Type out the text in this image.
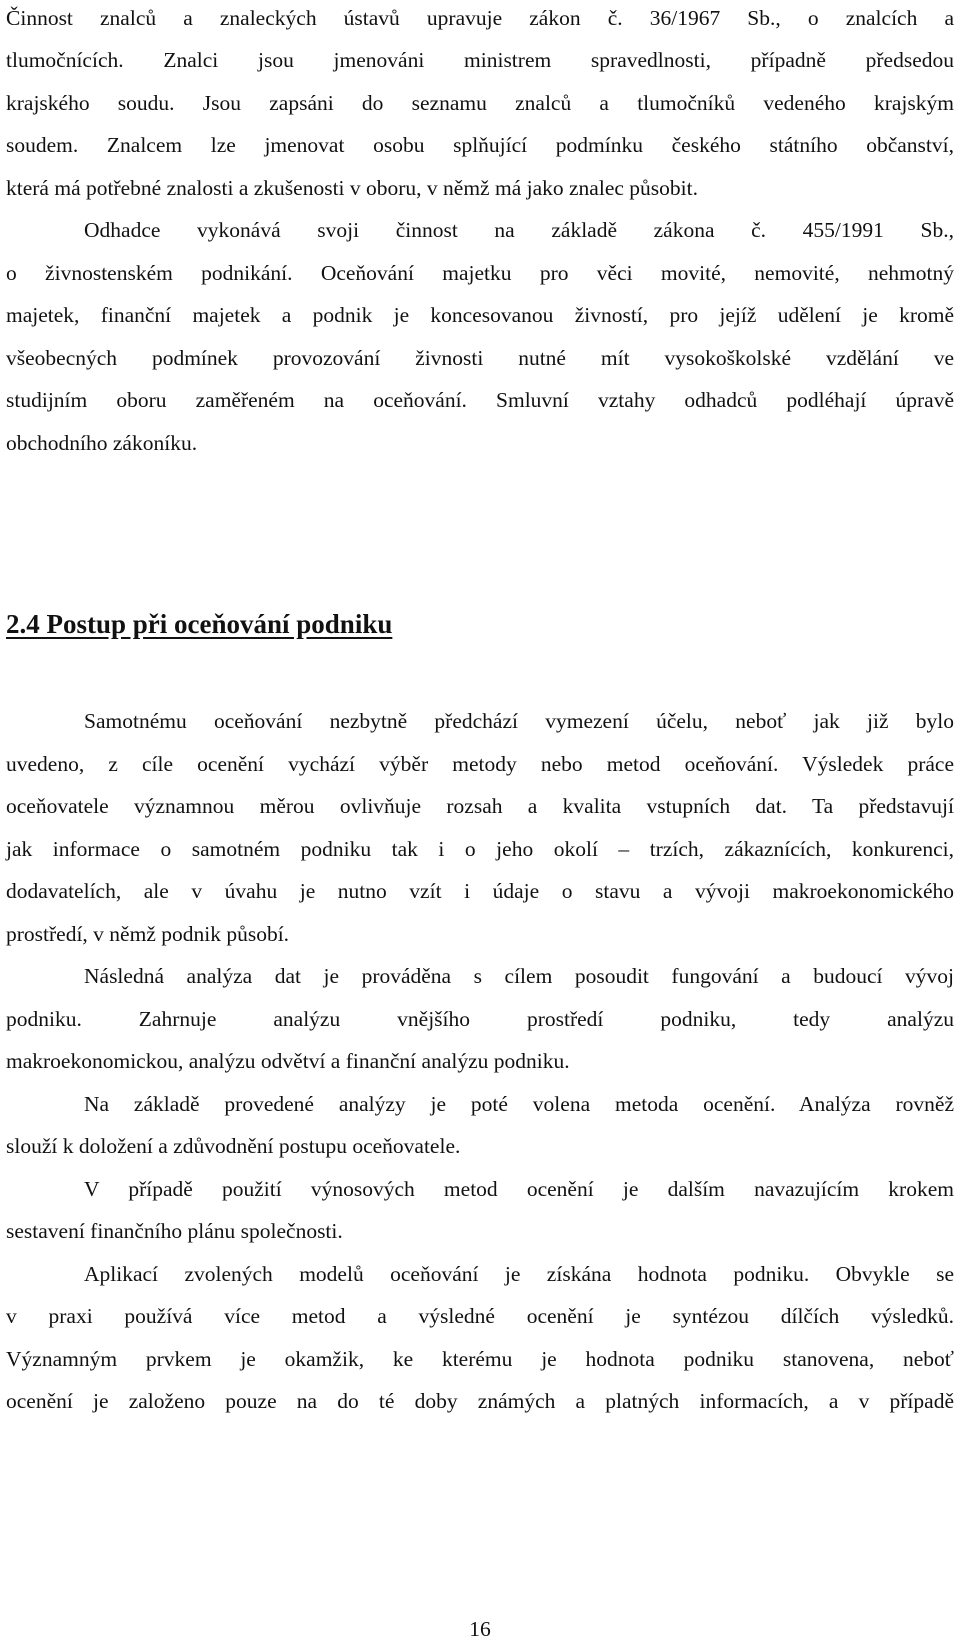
Činnost znalců a znaleckých ústavů upravuje zákon č. 36/1967 Sb., o znalcích a

tlumočnících. Znalci jsou jmenováni ministrem spravedlnosti, případně předsedou

krajského soudu. Jsou zapsáni do seznamu znalců a tlumočníků vedeného krajským

soudem. Znalcem lze jmenovat osobu splňující podmínku českého státního občanství,

která má potřebné znalosti a zkušenosti v oboru, v němž má jako znalec působit.

Odhadce vykonává svoji činnost na základě zákona č. 455/1991 Sb.,

o živnostenském podnikání. Oceňování majetku pro věci movité, nemovité, nehmotný

majetek, finanční majetek a podnik je koncesovanou živností, pro jejíž udělení je kromě

všeobecných podmínek provozování živnosti nutné mít vysokoškolské vzdělání ve

studijním oboru zaměřeném na oceňování. Smluvní vztahy odhadců podléhají úpravě

obchodního zákoníku.

2.4 Postup při oceňování podniku

Samotnému oceňování nezbytně předchází vymezení účelu, neboť jak již bylo

uvedeno, z cíle ocenění vychází výběr metody nebo metod oceňování. Výsledek práce

oceňovatele významnou měrou ovlivňuje rozsah a kvalita vstupních dat. Ta představují

jak informace o samotném podniku tak i o jeho okolí – trzích, zákaznících, konkurenci,

dodavatelích, ale v úvahu je nutno vzít i údaje o stavu a vývoji makroekonomického

prostředí, v němž podnik působí.

Následná analýza dat je prováděna s cílem posoudit fungování a budoucí vývoj

podniku. Zahrnuje analýzu vnějšího prostředí podniku, tedy analýzu

makroekonomickou, analýzu odvětví a finanční analýzu podniku.

Na základě provedené analýzy je poté volena metoda ocenění. Analýza rovněž

slouží k doložení a zdůvodnění postupu oceňovatele.

V případě použití výnosových metod ocenění je dalším navazujícím krokem

sestavení finančního plánu společnosti.

Aplikací zvolených modelů oceňování je získána hodnota podniku. Obvykle se

v praxi používá více metod a výsledné ocenění je syntézou dílčích výsledků.

Významným prvkem je okamžik, ke kterému je hodnota podniku stanovena, neboť

ocenění je založeno pouze na do té doby známých a platných informacích, a v případě

16
